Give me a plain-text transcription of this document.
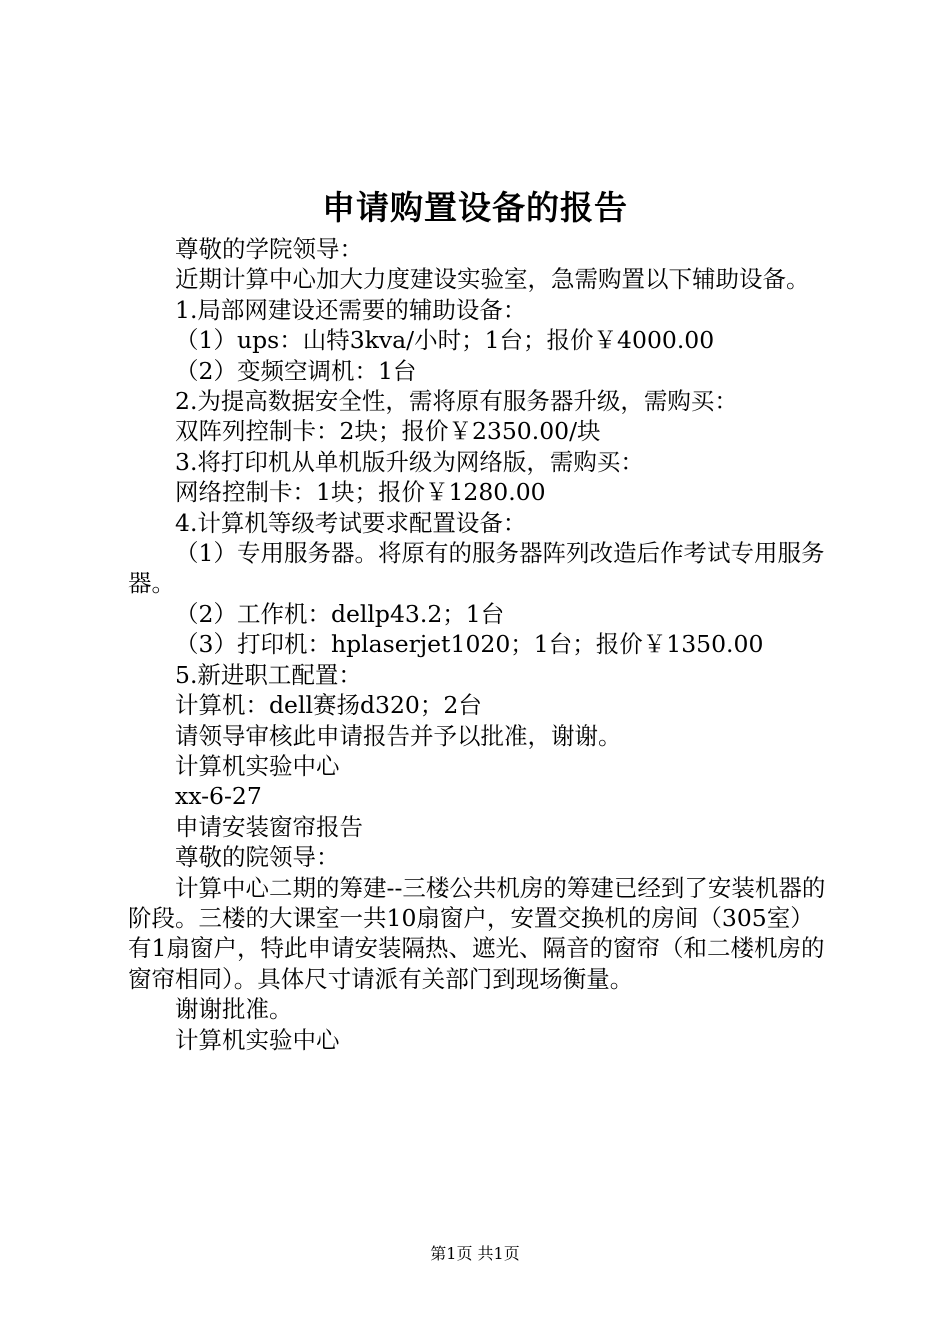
申请购置设备的报告

尊敬的学院领导：

近期计算中心加大力度建设实验室，急需购置以下辅助设备。

1.局部网建设还需要的辅助设备：

（1）ups：山特3kva/小时；1台；报价￥4000.00

（2）变频空调机：1台

2.为提高数据安全性，需将原有服务器升级，需购买：

双阵列控制卡：2块；报价￥2350.00/块

3.将打印机从单机版升级为网络版，需购买：

网络控制卡：1块；报价￥1280.00

4.计算机等级考试要求配置设备：

（1）专用服务器。将原有的服务器阵列改造后作考试专用服务器。

（2）工作机：dellp43.2；1台

（3）打印机：hplaserjet1020；1台；报价￥1350.00

5.新进职工配置：

计算机：dell赛扬d320；2台

请领导审核此申请报告并予以批准，谢谢。

计算机实验中心

xx-6-27

申请安装窗帘报告

尊敬的院领导：

计算中心二期的筹建--三楼公共机房的筹建已经到了安装机器的阶段。三楼的大课室一共10扇窗户，安置交换机的房间（305室）有1扇窗户，特此申请安装隔热、遮光、隔音的窗帘（和二楼机房的窗帘相同）。具体尺寸请派有关部门到现场衡量。

谢谢批准。

计算机实验中心

第1页 共1页
